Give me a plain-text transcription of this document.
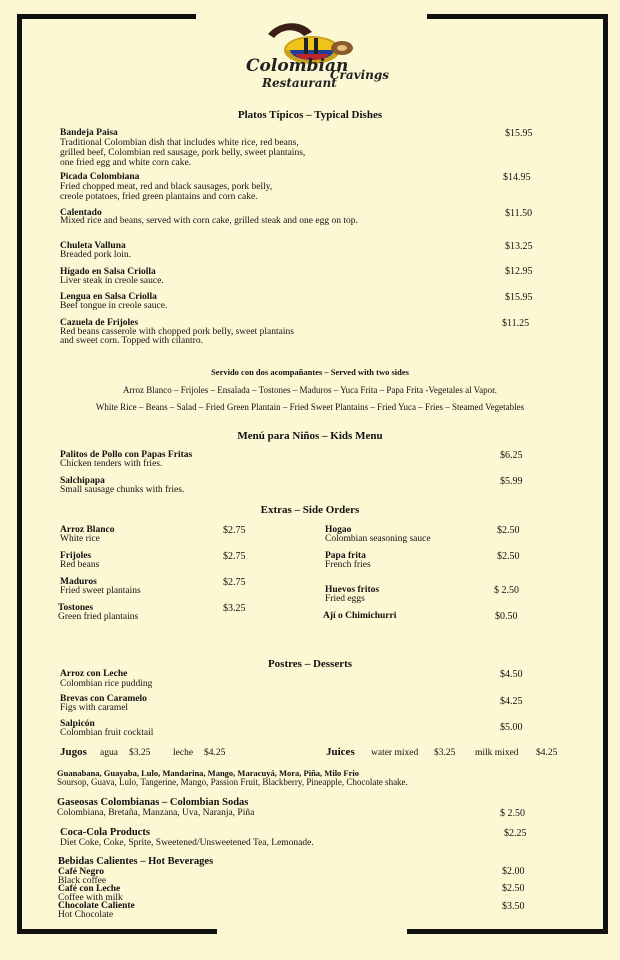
Colombian
Cravings
Restaurant
Platos Típicos – Typical Dishes
Bandeja Paisa
Traditional Colombian dish that includes white rice, red beans,
grilled beef, Colombian red sausage, pork belly, sweet plantains,
one fried egg and white corn cake.
$15.95
Picada Colombiana
Fried chopped meat, red and black sausages, pork belly,
creole potatoes, fried green plantains and corn cake.
$14.95
Calentado
Mixed rice and beans, served with corn cake, grilled steak and one egg on top.
$11.50
Chuleta Valluna
Breaded pork loin.
$13.25
Hígado en Salsa Criolla
Liver steak in creole sauce.
$12.95
Lengua en Salsa Criolla
Beef tongue in creole sauce.
$15.95
Cazuela de Frijoles
Red beans casserole with chopped pork belly, sweet plantains
and sweet corn. Topped with cilantro.
$11.25
Servido con dos acompañantes – Served with two sides
Arroz Blanco – Frijoles – Ensalada – Tostones – Maduros – Yuca Frita – Papa Frita -Vegetales al Vapor.
White Rice – Beans – Salad – Fried Green Plantain – Fried Sweet Plantains – Fried Yuca – Fries – Steamed Vegetables
Menú para Niños – Kids Menu
Palitos de Pollo con Papas Fritas
Chicken tenders with fries.
$6.25
Salchipapa
Small sausage chunks with fries.
$5.99
Extras – Side Orders
Arroz Blanco
White rice
$2.75
Frijoles
Red beans
$2.75
Maduros
Fried sweet plantains
$2.75
Tostones
Green fried plantains
$3.25
Hogao
Colombian seasoning sauce
$2.50
Papa frita
French fries
$2.50
Huevos fritos
Fried eggs
$ 2.50
Ají o Chimichurri	$0.50
Postres – Desserts
Arroz con Leche
Colombian rice pudding
$4.50
Brevas con Caramelo
Figs with caramel
$4.25
Salpicón
Colombian fruit cocktail	$5.00
Jugos agua $3.25 leche $4.25	Juices water mixed $3.25 milk mixed $4.25
Guanabana, Guayaba, Lulo, Mandarina, Mango, Maracuyá, Mora, Piña, Milo Frio
Soursop, Guava, Lulo, Tangerine, Mango, Passion Fruit, Blackberry, Pineapple, Chocolate shake.
Gaseosas Colombianas – Colombian Sodas
Colombiana, Bretaña, Manzana, Uva, Naranja, Piña	$ 2.50
Coca-Cola Products
Diet Coke, Coke, Sprite, Sweetened/Unsweetened Tea, Lemonade.
$2.25
Bebidas Calientes – Hot Beverages
Café Negro
Black coffee
$2.00
Café con Leche
Coffee with milk
$2.50
Chocolate Caliente
Hot Chocolate
$3.50
